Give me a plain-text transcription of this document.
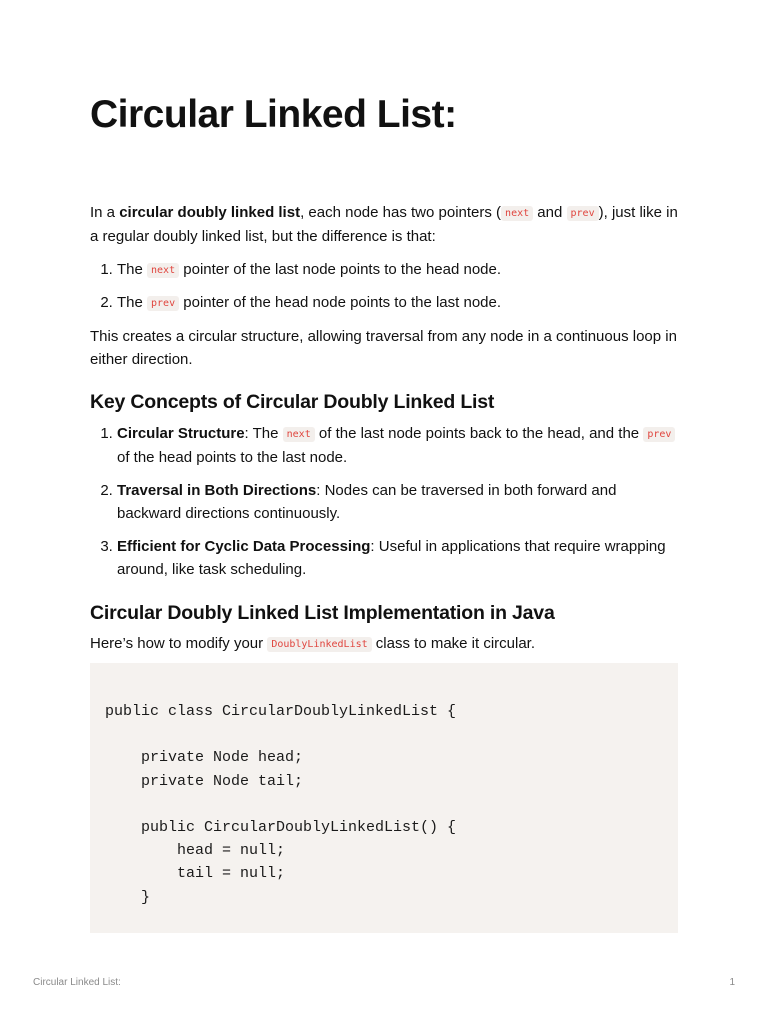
Circular Linked List:

In a circular doubly linked list, each node has two pointers ( next and prev ), just like in a regular doubly linked list, but the difference is that:

1. The next pointer of the last node points to the head node.
2. The prev pointer of the head node points to the last node.

This creates a circular structure, allowing traversal from any node in a continuous loop in either direction.

Key Concepts of Circular Doubly Linked List
1. Circular Structure: The next of the last node points back to the head, and the prev of the head points to the last node.
2. Traversal in Both Directions: Nodes can be traversed in both forward and backward directions continuously.
3. Efficient for Cyclic Data Processing: Useful in applications that require wrapping around, like task scheduling.
Circular Doubly Linked List Implementation in Java

Here’s how to modify your DoublyLinkedList class to make it circular.

public class CircularDoublyLinkedList {

private Node head;
private Node tail;

public CircularDoublyLinkedList() {
head = null;
tail = null;
}
Circular Linked List:	1
